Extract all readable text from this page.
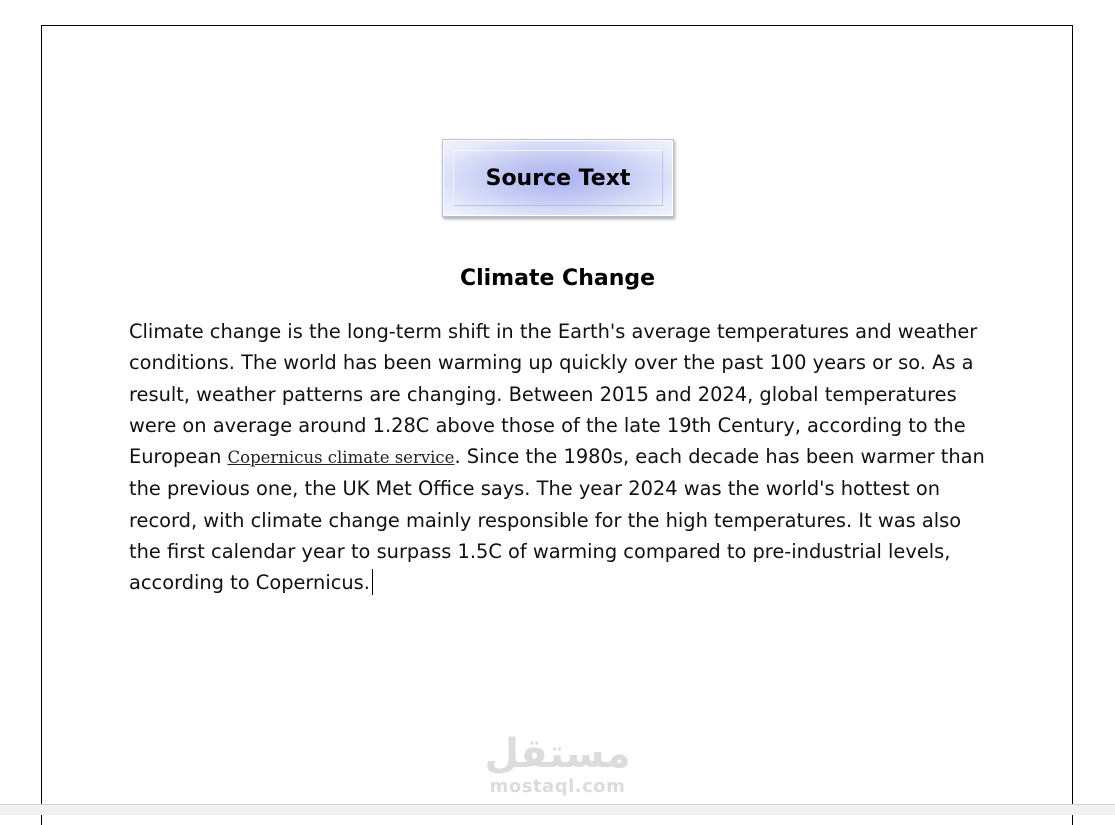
Source Text
Climate Change

Climate change is the long-term shift in the Earth's average temperatures and weather conditions. The world has been warming up quickly over the past 100 years or so. As a result, weather patterns are changing. Between 2015 and 2024, global temperatures were on average around 1.28C above those of the late 19th Century, according to the European Copernicus climate service. Since the 1980s, each decade has been warmer than the previous one, the UK Met Office says. The year 2024 was the world's hottest on record, with climate change mainly responsible for the high temperatures. It was also the first calendar year to surpass 1.5C of warming compared to pre-industrial levels, according to Copernicus.

مستقل
mostaql.com
